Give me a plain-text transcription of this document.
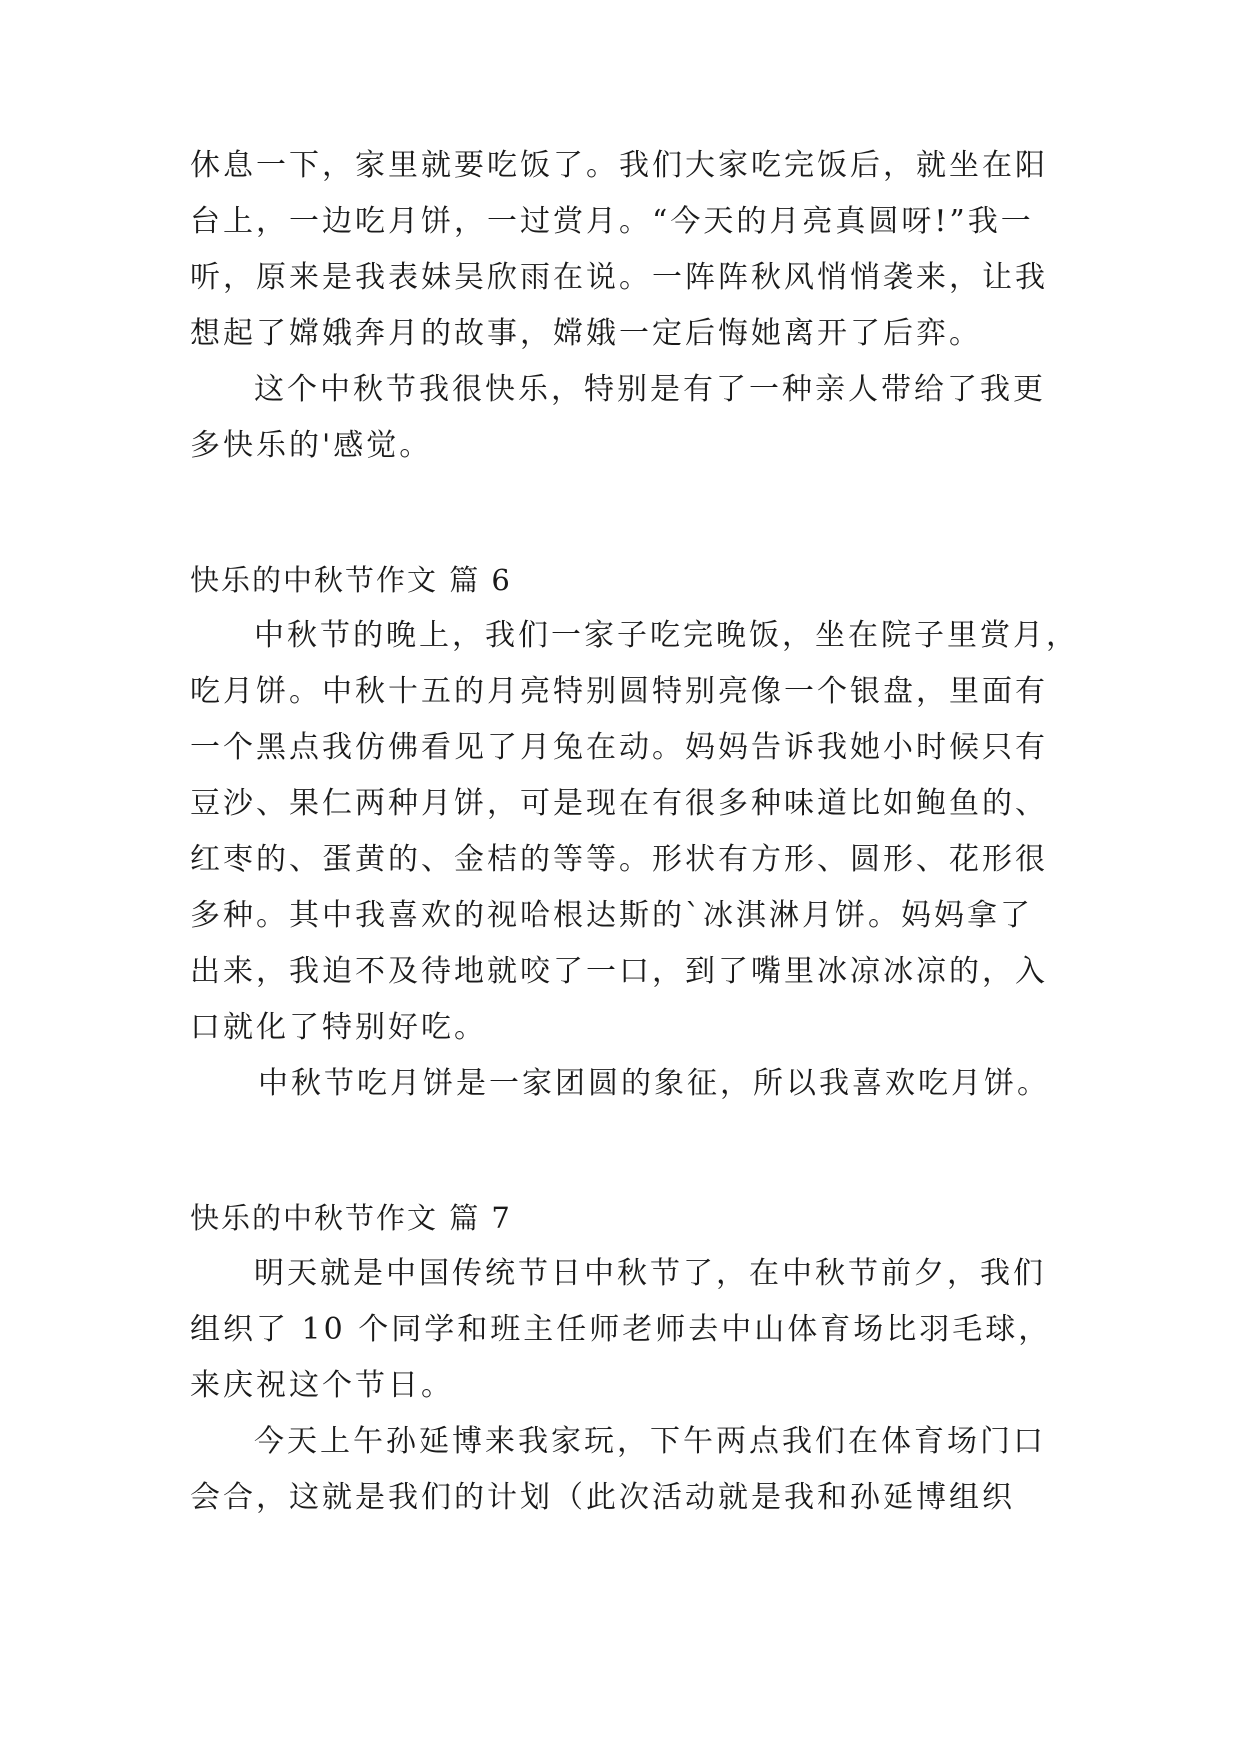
休息一下，家里就要吃饭了。我们大家吃完饭后，就坐在阳
台上，一边吃月饼，一过赏月。“今天的月亮真圆呀!”我一
听，原来是我表妹吴欣雨在说。一阵阵秋风悄悄袭来，让我
想起了嫦娥奔月的故事，嫦娥一定后悔她离开了后弈。
这个中秋节我很快乐，特别是有了一种亲人带给了我更
多快乐的'感觉。
快乐的中秋节作文 篇 6
中秋节的晚上，我们一家子吃完晚饭，坐在院子里赏月，
吃月饼。中秋十五的月亮特别圆特别亮像一个银盘，里面有
一个黑点我仿佛看见了月兔在动。妈妈告诉我她小时候只有
豆沙、果仁两种月饼，可是现在有很多种味道比如鲍鱼的、
红枣的、蛋黄的、金桔的等等。形状有方形、圆形、花形很
多种。其中我喜欢的视哈根达斯的`冰淇淋月饼。妈妈拿了
出来，我迫不及待地就咬了一口，到了嘴里冰凉冰凉的，入
口就化了特别好吃。
中秋节吃月饼是一家团圆的象征，所以我喜欢吃月饼。
快乐的中秋节作文 篇 7
明天就是中国传统节日中秋节了，在中秋节前夕，我们
组织了 10 个同学和班主任师老师去中山体育场比羽毛球，
来庆祝这个节日。
今天上午孙延博来我家玩，下午两点我们在体育场门口
会合，这就是我们的计划（此次活动就是我和孙延博组织
